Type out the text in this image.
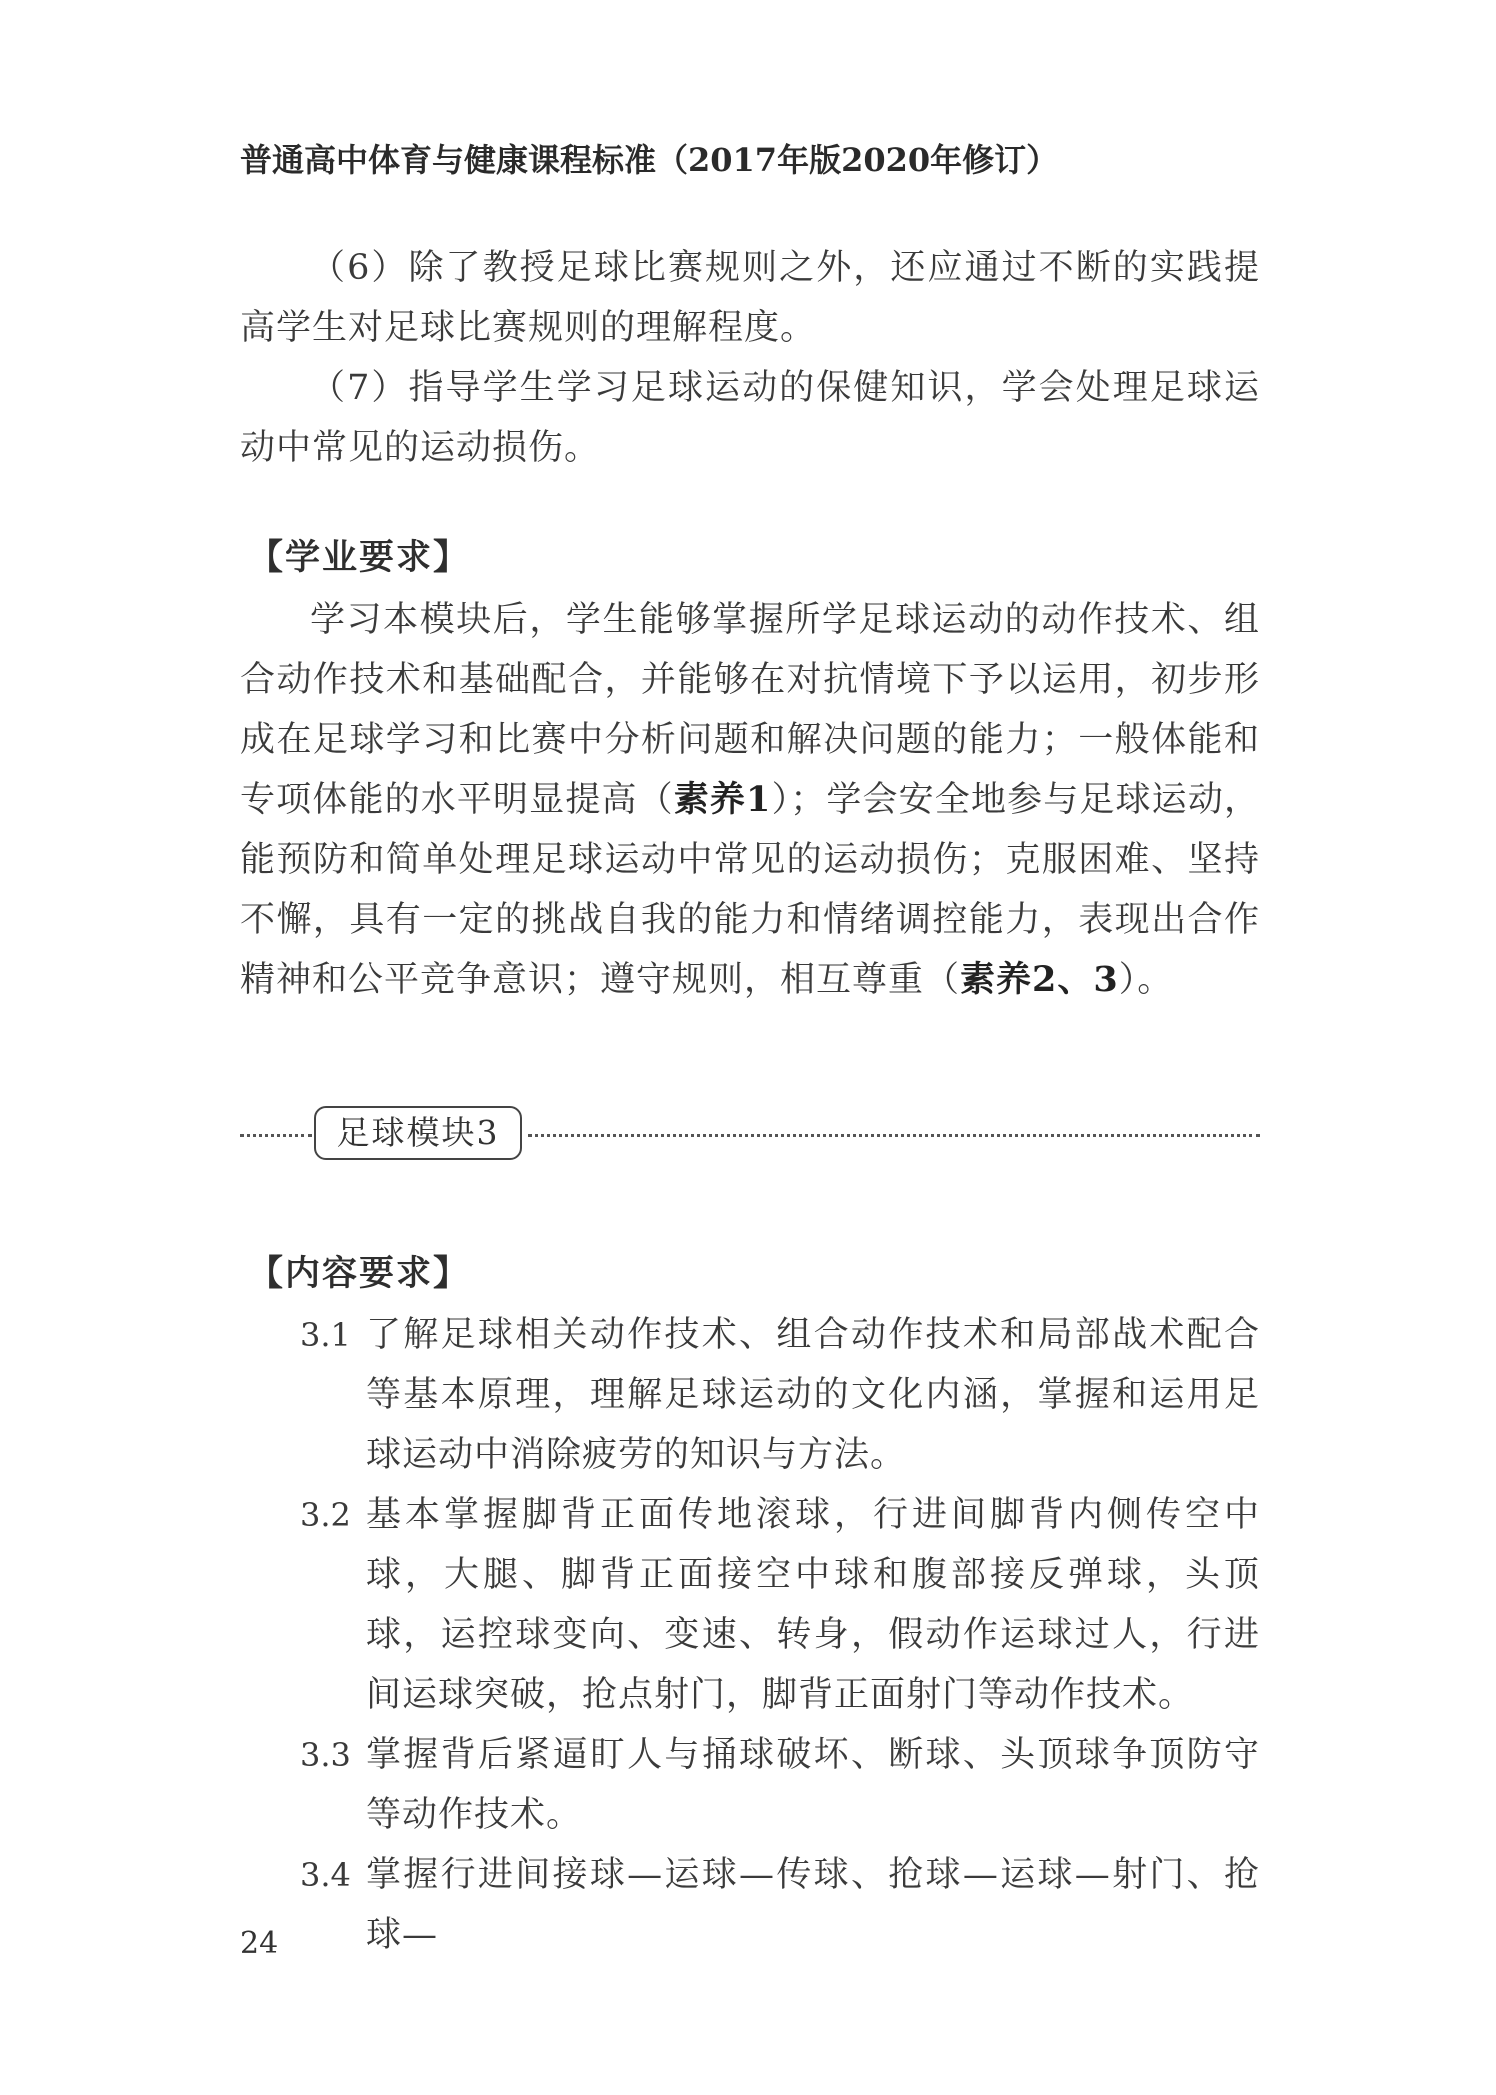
普通高中体育与健康课程标准（2017年版2020年修订）

（6）除了教授足球比赛规则之外，还应通过不断的实践提高学生对足球比赛规则的理解程度。

（7）指导学生学习足球运动的保健知识，学会处理足球运动中常见的运动损伤。

【学业要求】

学习本模块后，学生能够掌握所学足球运动的动作技术、组合动作技术和基础配合，并能够在对抗情境下予以运用，初步形成在足球学习和比赛中分析问题和解决问题的能力；一般体能和专项体能的水平明显提高（素养1）；学会安全地参与足球运动，能预防和简单处理足球运动中常见的运动损伤；克服困难、坚持不懈，具有一定的挑战自我的能力和情绪调控能力，表现出合作精神和公平竞争意识；遵守规则，相互尊重（素养2、3）。

足球模块3
【内容要求】
3.1 了解足球相关动作技术、组合动作技术和局部战术配合等基本原理，理解足球运动的文化内涵，掌握和运用足球运动中消除疲劳的知识与方法。
3.2 基本掌握脚背正面传地滚球，行进间脚背内侧传空中球，大腿、脚背正面接空中球和腹部接反弹球，头顶球，运控球变向、变速、转身，假动作运球过人，行进间运球突破，抢点射门，脚背正面射门等动作技术。
3.3 掌握背后紧逼盯人与捅球破坏、断球、头顶球争顶防守等动作技术。
3.4 掌握行进间接球—运球—传球、抢球—运球—射门、抢球—
24
